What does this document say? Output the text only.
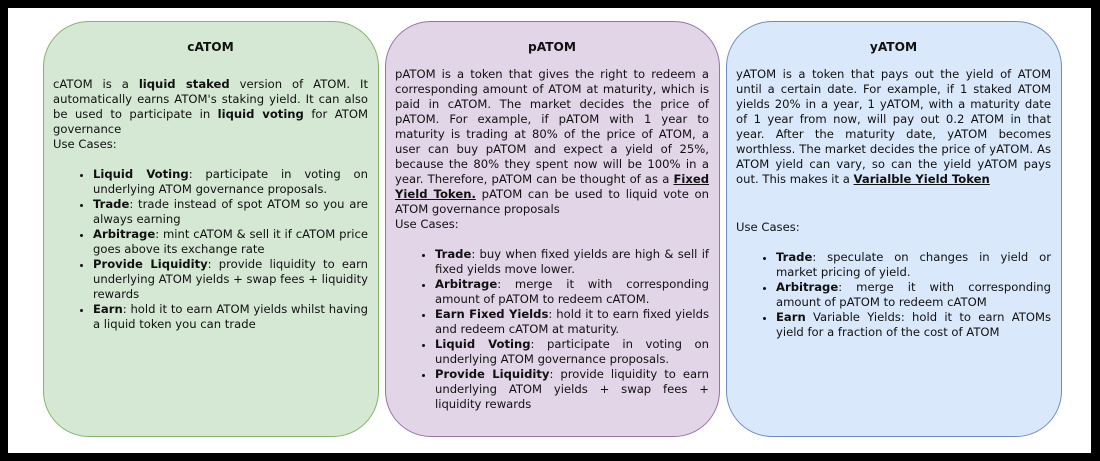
cATOM

cATOM is a liquid staked version of ATOM. It automatically earns ATOM's staking yield. It can also be used to participate in liquid voting for ATOM governance

Use Cases:

• Liquid Voting: participate in voting on underlying ATOM governance proposals.
• Trade: trade instead of spot ATOM so you are always earning
• Arbitrage: mint cATOM & sell it if cATOM price goes above its exchange rate
• Provide Liquidity: provide liquidity to earn underlying ATOM yields + swap fees + liquidity rewards
• Earn: hold it to earn ATOM yields whilst having a liquid token you can trade
pATOM

pATOM is a token that gives the right to redeem a corresponding amount of ATOM at maturity, which is paid in cATOM. The market decides the price of pATOM. For example, if pATOM with 1 year to maturity is trading at 80% of the price of ATOM, a user can buy pATOM and expect a yield of 25%, because the 80% they spent now will be 100% in a year. Therefore, pATOM can be thought of as a Fixed Yield Token. pATOM can be used to liquid vote on ATOM governance proposals

Use Cases:

• Trade: buy when fixed yields are high & sell if fixed yields move lower.
• Arbitrage: merge it with corresponding amount of pATOM to redeem cATOM.
• Earn Fixed Yields: hold it to earn fixed yields and redeem cATOM at maturity.
• Liquid Voting: participate in voting on underlying ATOM governance proposals.
• Provide Liquidity: provide liquidity to earn underlying ATOM yields + swap fees + liquidity rewards
yATOM

yATOM is a token that pays out the yield of ATOM until a certain date. For example, if 1 staked ATOM yields 20% in a year, 1 yATOM, with a maturity date of 1 year from now, will pay out 0.2 ATOM in that year. After the maturity date, yATOM becomes worthless. The market decides the price of yATOM. As ATOM yield can vary, so can the yield yATOM pays out. This makes it a Varialble Yield Token

Use Cases:

• Trade: speculate on changes in yield or market pricing of yield.
• Arbitrage: merge it with corresponding amount of pATOM to redeem cATOM
• Earn Variable Yields: hold it to earn ATOMs yield for a fraction of the cost of ATOM
